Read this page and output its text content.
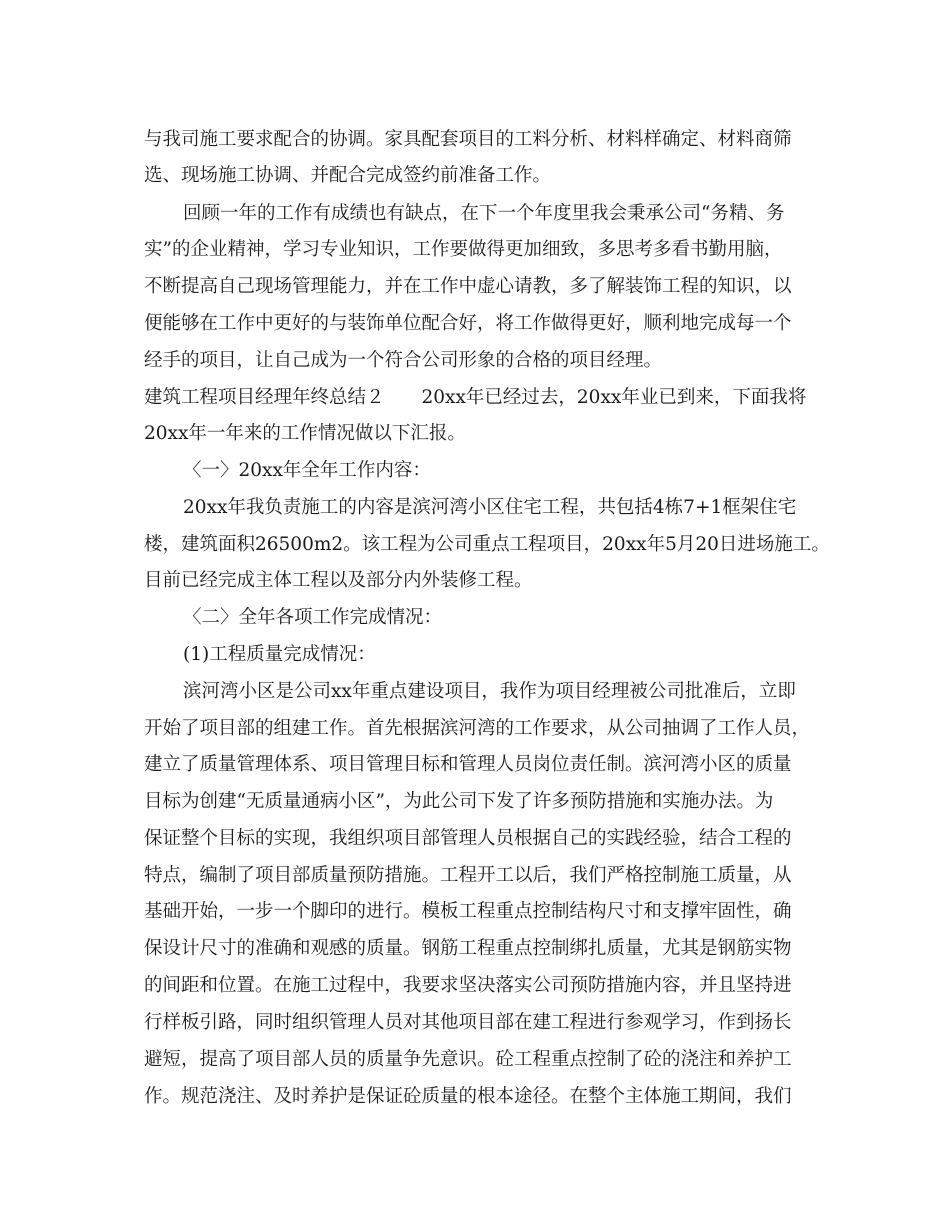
与我司施工要求配合的协调。家具配套项目的工料分析、材料样确定、材料商筛
选、现场施工协调、并配合完成签约前准备工作。
回顾一年的工作有成绩也有缺点，在下一个年度里我会秉承公司“务精、务
实”的企业精神，学习专业知识，工作要做得更加细致，多思考多看书勤用脑，
不断提高自己现场管理能力，并在工作中虚心请教，多了解装饰工程的知识，以
便能够在工作中更好的与装饰单位配合好，将工作做得更好，顺利地完成每一个
经手的项目，让自己成为一个符合公司形象的合格的项目经理。
建筑工程项目经理年终总结２　　20xx年已经过去，20xx年业已到来，下面我将
20xx年一年来的工作情况做以下汇报。
〈一〉20xx年全年工作内容：
20xx年我负责施工的内容是滨河湾小区住宅工程，共包括4栋7+1框架住宅
楼，建筑面积26500m2。该工程为公司重点工程项目，20xx年5月20日进场施工。
目前已经完成主体工程以及部分内外装修工程。
〈二〉全年各项工作完成情况：
(1)工程质量完成情况：
滨河湾小区是公司xx年重点建设项目，我作为项目经理被公司批准后，立即
开始了项目部的组建工作。首先根据滨河湾的工作要求，从公司抽调了工作人员，
建立了质量管理体系、项目管理目标和管理人员岗位责任制。滨河湾小区的质量
目标为创建“无质量通病小区”，为此公司下发了许多预防措施和实施办法。为
保证整个目标的实现，我组织项目部管理人员根据自己的实践经验，结合工程的
特点，编制了项目部质量预防措施。工程开工以后，我们严格控制施工质量，从
基础开始，一步一个脚印的进行。模板工程重点控制结构尺寸和支撑牢固性，确
保设计尺寸的准确和观感的质量。钢筋工程重点控制绑扎质量，尤其是钢筋实物
的间距和位置。在施工过程中，我要求坚决落实公司预防措施内容，并且坚持进
行样板引路，同时组织管理人员对其他项目部在建工程进行参观学习，作到扬长
避短，提高了项目部人员的质量争先意识。砼工程重点控制了砼的浇注和养护工
作。规范浇注、及时养护是保证砼质量的根本途径。在整个主体施工期间，我们
